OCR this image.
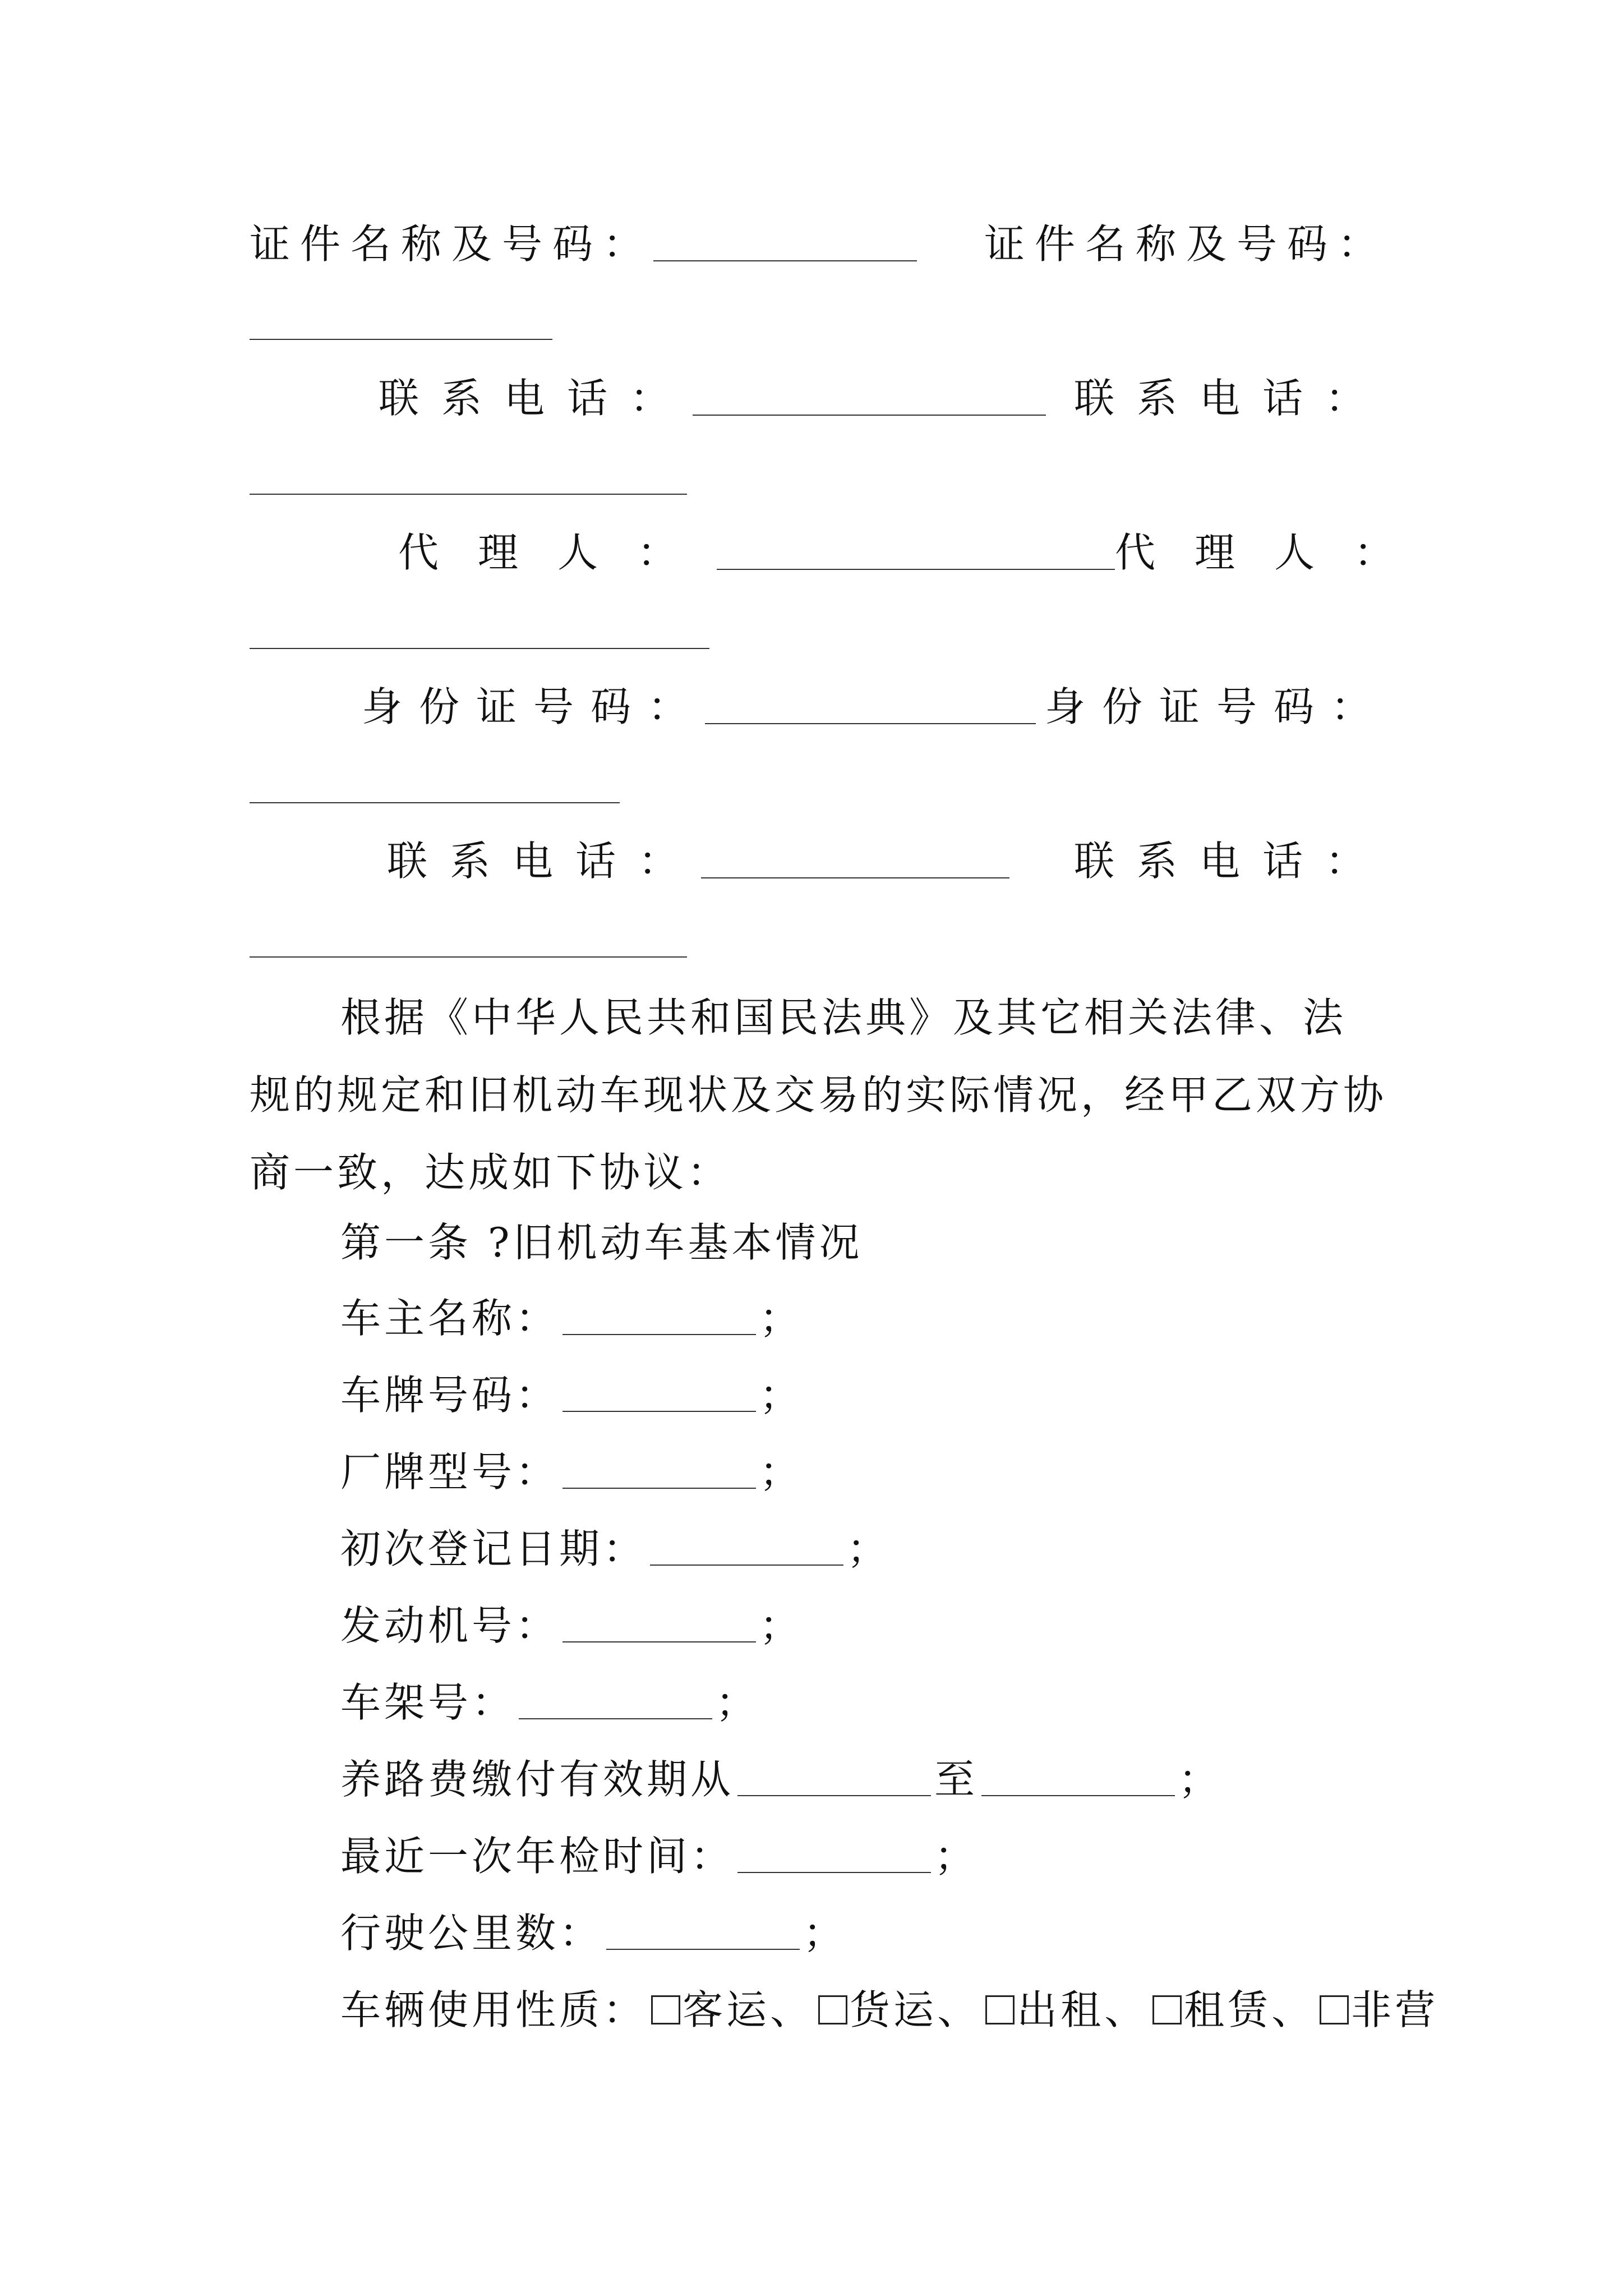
证件名称及号码：	证件名称及号码：
联系电话：	联系电话：
代理人：	代理人：
身份证号码：	身份证号码：
联系电话：	联系电话：

根据《中华人民共和国民法典》及其它相关法律、法规的规定和旧机动车现状及交易的实际情况，经甲乙双方协商一致，达成如下协议：

第一条 ?旧机动车基本情况
车主名称：	；
车牌号码：	；
厂牌型号：	；
初次登记日期：	；
发动机号：	；
车架号：	；
养路费缴付有效期从	至	；
最近一次年检时间：	；
行驶公里数：	；
车辆使用性质： 客运 、 货运 、 出租 、 租赁 、 非营
